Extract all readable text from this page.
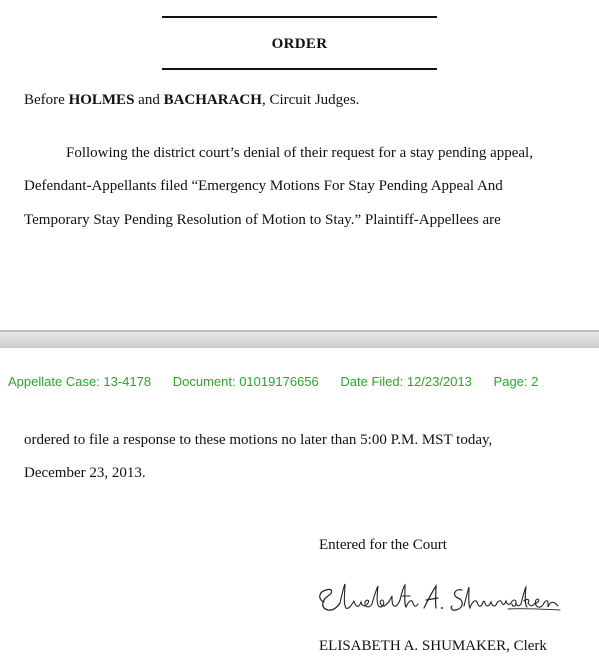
ORDER
Before HOLMES and BACHARACH, Circuit Judges.
Following the district court’s denial of their request for a stay pending appeal,
Defendant-Appellants filed “Emergency Motions For Stay Pending Appeal And
Temporary Stay Pending Resolution of Motion to Stay.” Plaintiff-Appellees are
Appellate Case: 13-4178 Document: 01019176656 Date Filed: 12/23/2013 Page: 2
ordered to file a response to these motions no later than 5:00 P.M. MST today,
December 23, 2013.
Entered for the Court
ELISABETH A. SHUMAKER, Clerk
